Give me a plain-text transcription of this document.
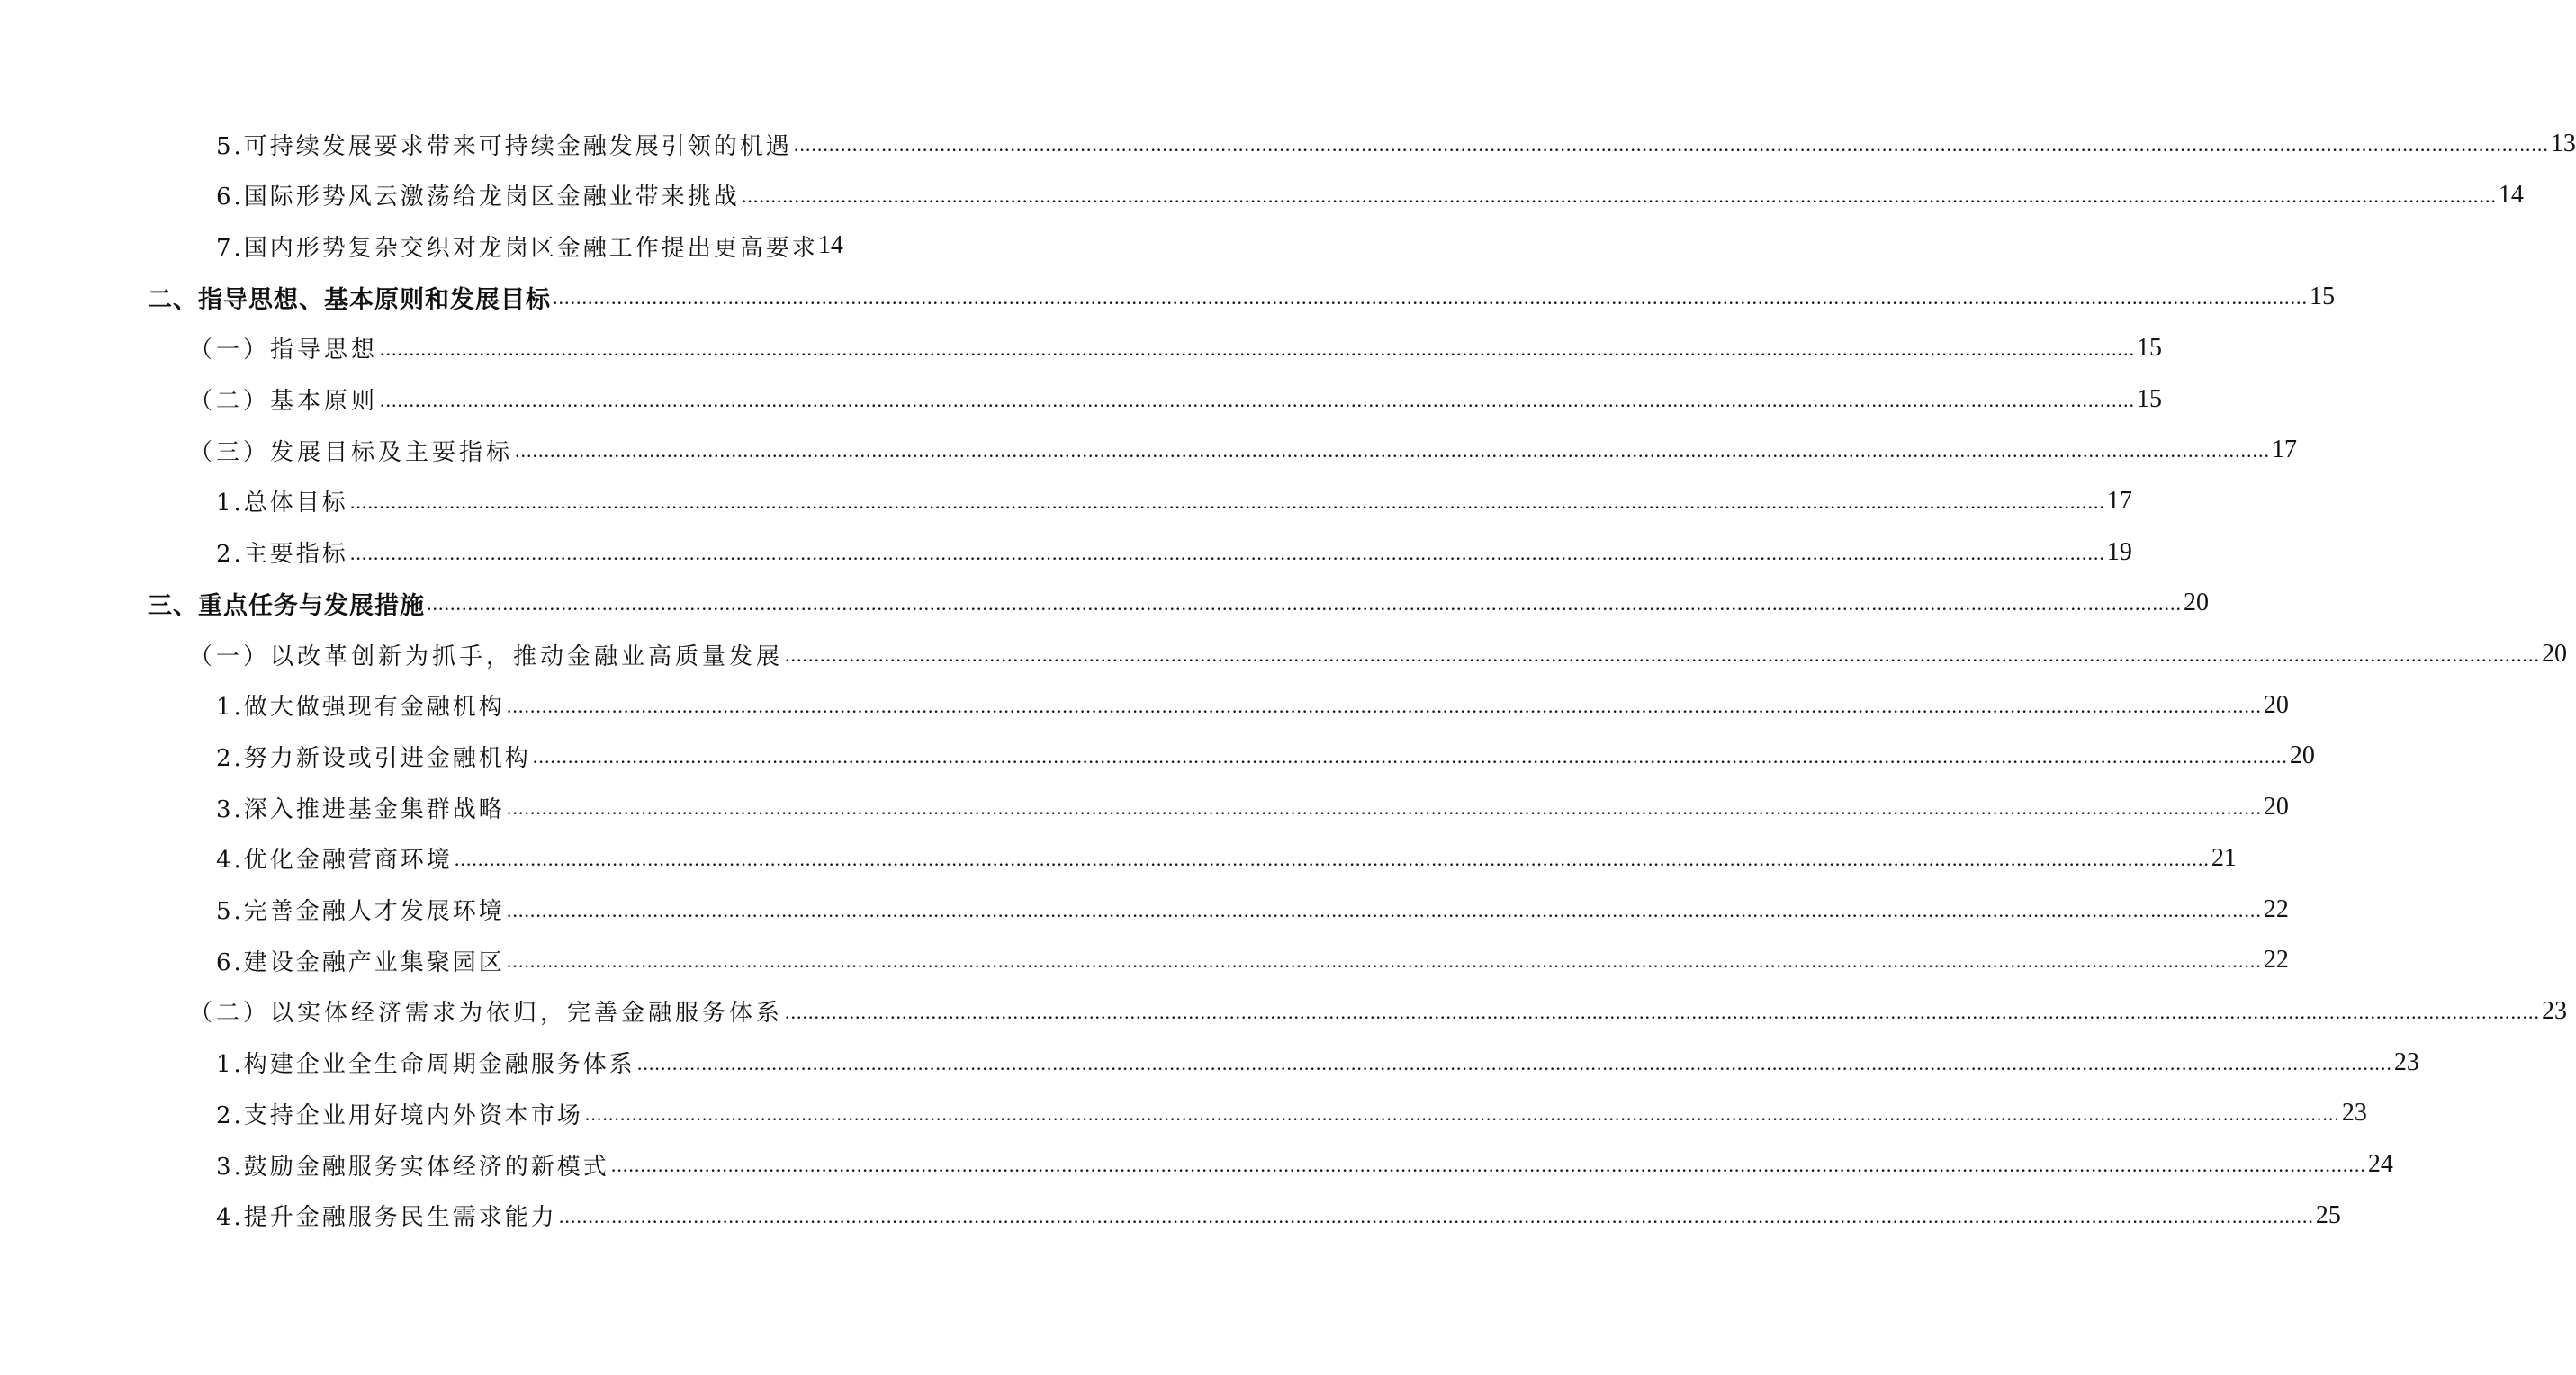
5.可持续发展要求带来可持续金融发展引领的机遇 ............................................................................................................................................................................................................................................................................................................ 13
6.国际形势风云激荡给龙岗区金融业带来挑战 ............................................................................................................................................................................................................................................................................................................ 14
7.国内形势复杂交织对龙岗区金融工作提出更高要求 14
二、指导思想、基本原则和发展目标 ............................................................................................................................................................................................................................................................................................................ 15
（一）指导思想 ............................................................................................................................................................................................................................................................................................................ 15
（二）基本原则 ............................................................................................................................................................................................................................................................................................................ 15
（三）发展目标及主要指标 ............................................................................................................................................................................................................................................................................................................ 17
1.总体目标 ............................................................................................................................................................................................................................................................................................................ 17
2.主要指标 ............................................................................................................................................................................................................................................................................................................ 19
三、重点任务与发展措施 ............................................................................................................................................................................................................................................................................................................ 20
（一）以改革创新为抓手，推动金融业高质量发展 ............................................................................................................................................................................................................................................................................................................ 20
1.做大做强现有金融机构 ............................................................................................................................................................................................................................................................................................................ 20
2.努力新设或引进金融机构 ............................................................................................................................................................................................................................................................................................................ 20
3.深入推进基金集群战略 ............................................................................................................................................................................................................................................................................................................ 20
4.优化金融营商环境 ............................................................................................................................................................................................................................................................................................................ 21
5.完善金融人才发展环境 ............................................................................................................................................................................................................................................................................................................ 22
6.建设金融产业集聚园区 ............................................................................................................................................................................................................................................................................................................ 22
（二）以实体经济需求为依归，完善金融服务体系 ............................................................................................................................................................................................................................................................................................................ 23
1.构建企业全生命周期金融服务体系 ............................................................................................................................................................................................................................................................................................................ 23
2.支持企业用好境内外资本市场 ............................................................................................................................................................................................................................................................................................................ 23
3.鼓励金融服务实体经济的新模式 ............................................................................................................................................................................................................................................................................................................ 24
4.提升金融服务民生需求能力 ............................................................................................................................................................................................................................................................................................................ 25
